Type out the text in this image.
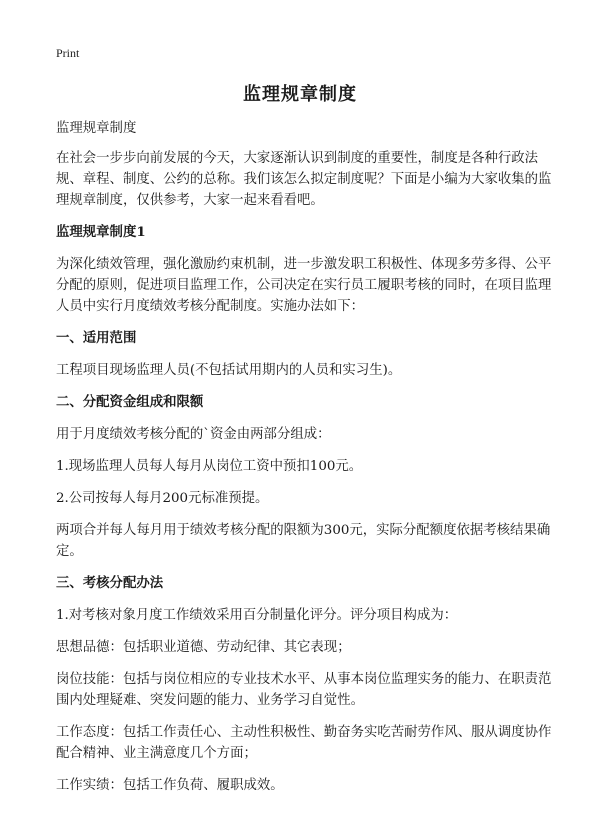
Print
监理规章制度

监理规章制度

在社会一步步向前发展的今天，大家逐渐认识到制度的重要性，制度是各种行政法规、章程、制度、公约的总称。我们该怎么拟定制度呢？下面是小编为大家收集的监理规章制度，仅供参考，大家一起来看看吧。

监理规章制度1

为深化绩效管理，强化激励约束机制，进一步激发职工积极性、体现多劳多得、公平分配的原则，促进项目监理工作，公司决定在实行员工履职考核的同时，在项目监理人员中实行月度绩效考核分配制度。实施办法如下：

一、适用范围

工程项目现场监理人员(不包括试用期内的人员和实习生)。

二、分配资金组成和限额

用于月度绩效考核分配的`资金由两部分组成：

1.现场监理人员每人每月从岗位工资中预扣100元。

2.公司按每人每月200元标准预提。

两项合并每人每月用于绩效考核分配的限额为300元，实际分配额度依据考核结果确定。

三、考核分配办法

1.对考核对象月度工作绩效采用百分制量化评分。评分项目构成为：

思想品德：包括职业道德、劳动纪律、其它表现；

岗位技能：包括与岗位相应的专业技术水平、从事本岗位监理实务的能力、在职责范围内处理疑难、突发问题的能力、业务学习自觉性。

工作态度：包括工作责任心、主动性积极性、勤奋务实吃苦耐劳作风、服从调度协作配合精神、业主满意度几个方面；

工作实绩：包括工作负荷、履职成效。
